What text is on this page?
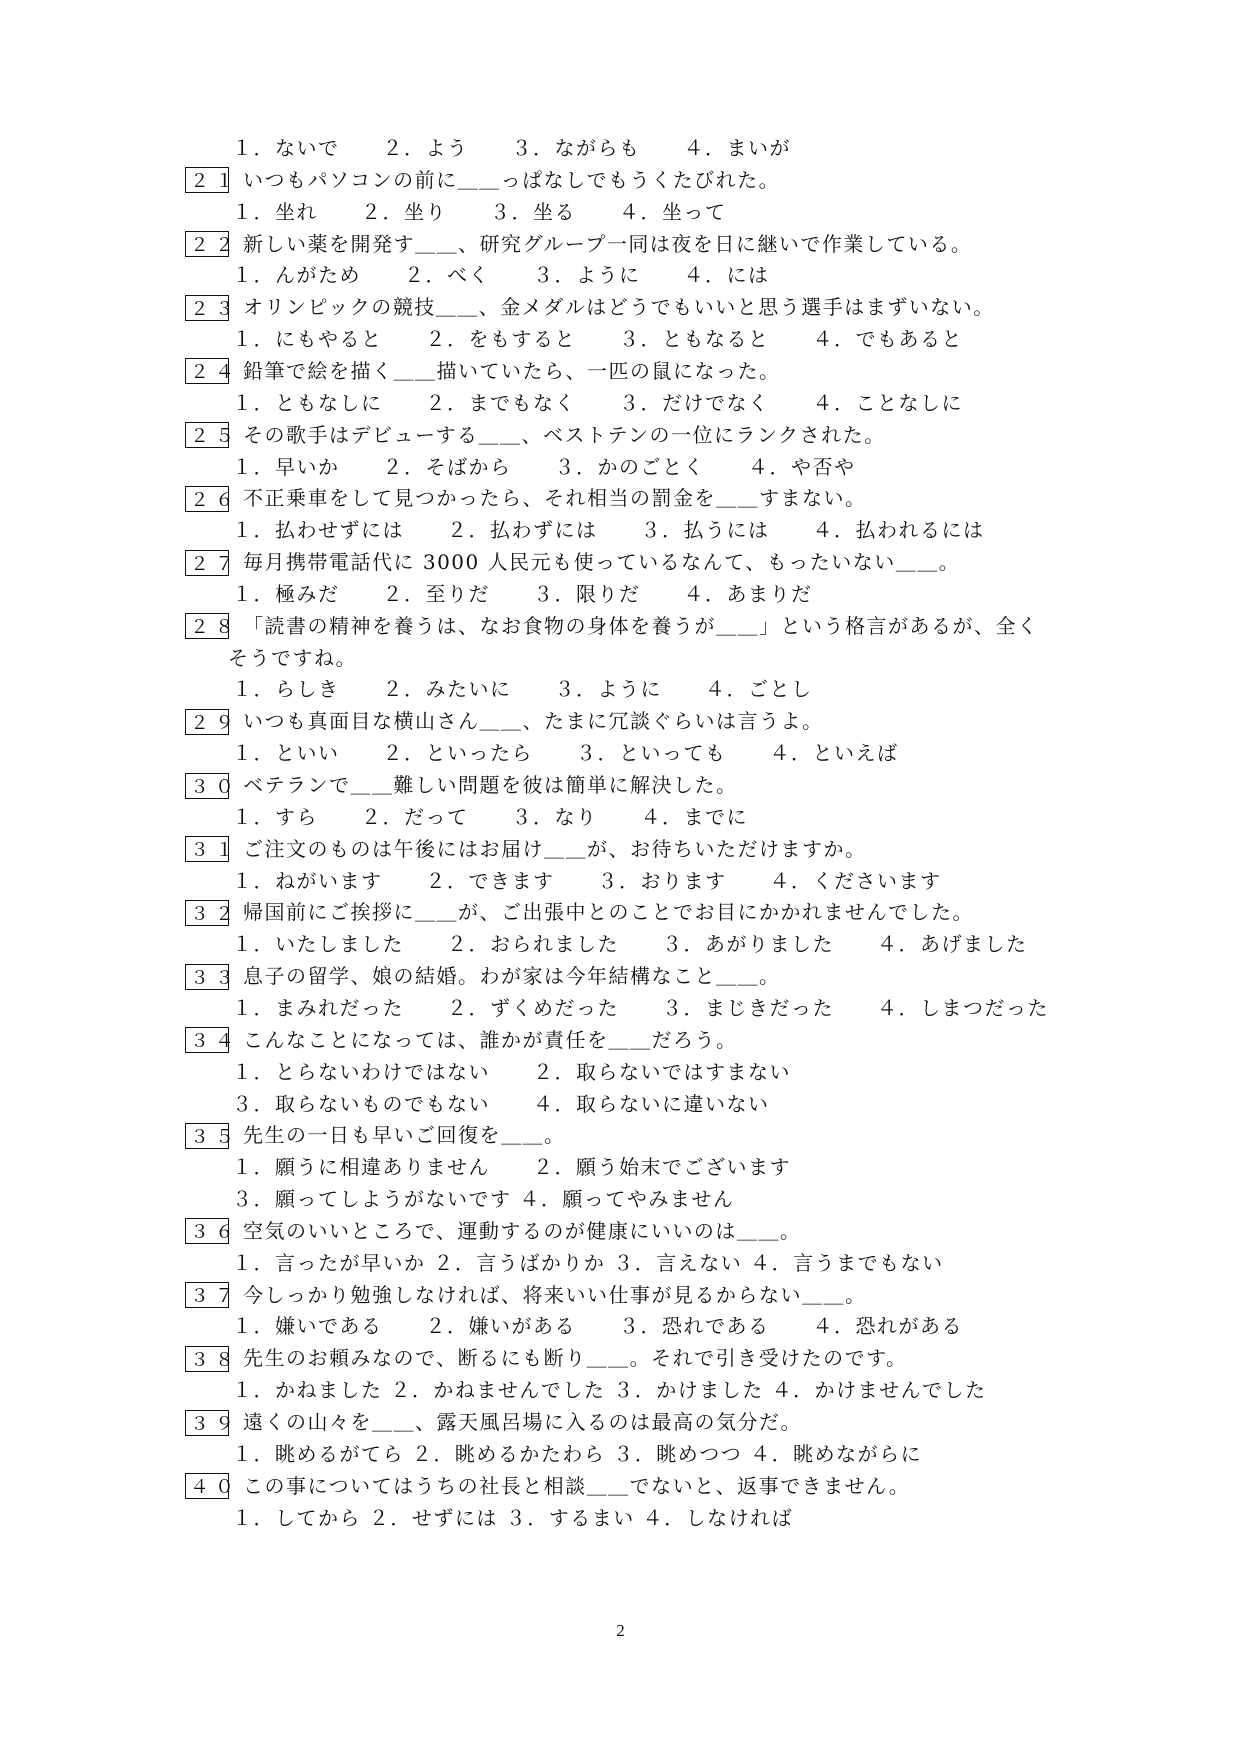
１．ないで　　２．よう　　３．ながらも　　４．まいが
２１ いつもパソコンの前に＿＿っぱなしでもうくたびれた。
１．坐れ　　２．坐り　　３．坐る　　４．坐って
２２ 新しい薬を開発す＿＿、研究グループ一同は夜を日に継いで作業している。
１．んがため　　２．べく　　３．ように　　４．には
２３ オリンピックの競技＿＿、金メダルはどうでもいいと思う選手はまずいない。
１．にもやると　　２．をもすると　　３．ともなると　　４．でもあると
２４ 鉛筆で絵を描く＿＿描いていたら、一匹の鼠になった。
１．ともなしに　　２．までもなく　　３．だけでなく　　４．ことなしに
２５ その歌手はデビューする＿＿、ベストテンの一位にランクされた。
１．早いか　　２．そばから　　３．かのごとく　　４．や否や
２６ 不正乗車をして見つかったら、それ相当の罰金を＿＿すまない。
１．払わせずには　　２．払わずには　　３．払うには　　４．払われるには
２７ 毎月携帯電話代に 3000 人民元も使っているなんて、もったいない＿＿。
１．極みだ　　２．至りだ　　３．限りだ　　４．あまりだ
２８ 「読書の精神を養うは、なお食物の身体を養うが＿＿」という格言があるが、全く
そうですね。
１．らしき　　２．みたいに　　３．ように　　４．ごとし
２９ いつも真面目な横山さん＿＿、たまに冗談ぐらいは言うよ。
１．といい　　２．といったら　　３．といっても　　４．といえば
３０ ベテランで＿＿難しい問題を彼は簡単に解決した。
１．すら　　２．だって　　３．なり　　４．までに
３１ ご注文のものは午後にはお届け＿＿が、お待ちいただけますか。
１．ねがいます　　２．できます　　３．おります　　４．くださいます
３２ 帰国前にご挨拶に＿＿が、ご出張中とのことでお目にかかれませんでした。
１．いたしました　　２．おられました　　３．あがりました　　４．あげました
３３ 息子の留学、娘の結婚。わが家は今年結構なこと＿＿。
１．まみれだった　　２．ずくめだった　　３．まじきだった　　４．しまつだった
３４ こんなことになっては、誰かが責任を＿＿だろう。
１．とらないわけではない　　２．取らないではすまない
３．取らないものでもない　　４．取らないに違いない
３５ 先生の一日も早いご回復を＿＿。
１．願うに相違ありません　　２．願う始末でございます
３．願ってしようがないです ４．願ってやみません
３６ 空気のいいところで、運動するのが健康にいいのは＿＿。
１．言ったが早いか ２．言うばかりか ３．言えない ４．言うまでもない
３７ 今しっかり勉強しなければ、将来いい仕事が見るからない＿＿。
１．嫌いである　　２．嫌いがある　　３．恐れである　　４．恐れがある
３８ 先生のお頼みなので、断るにも断り＿＿。それで引き受けたのです。
１．かねました ２．かねませんでした ３．かけました ４．かけませんでした
３９ 遠くの山々を＿＿、露天風呂場に入るのは最高の気分だ。
１．眺めるがてら ２．眺めるかたわら ３．眺めつつ ４．眺めながらに
４０ この事についてはうちの社長と相談＿＿でないと、返事できません。
１．してから ２．せずには ３．するまい ４．しなければ
2
